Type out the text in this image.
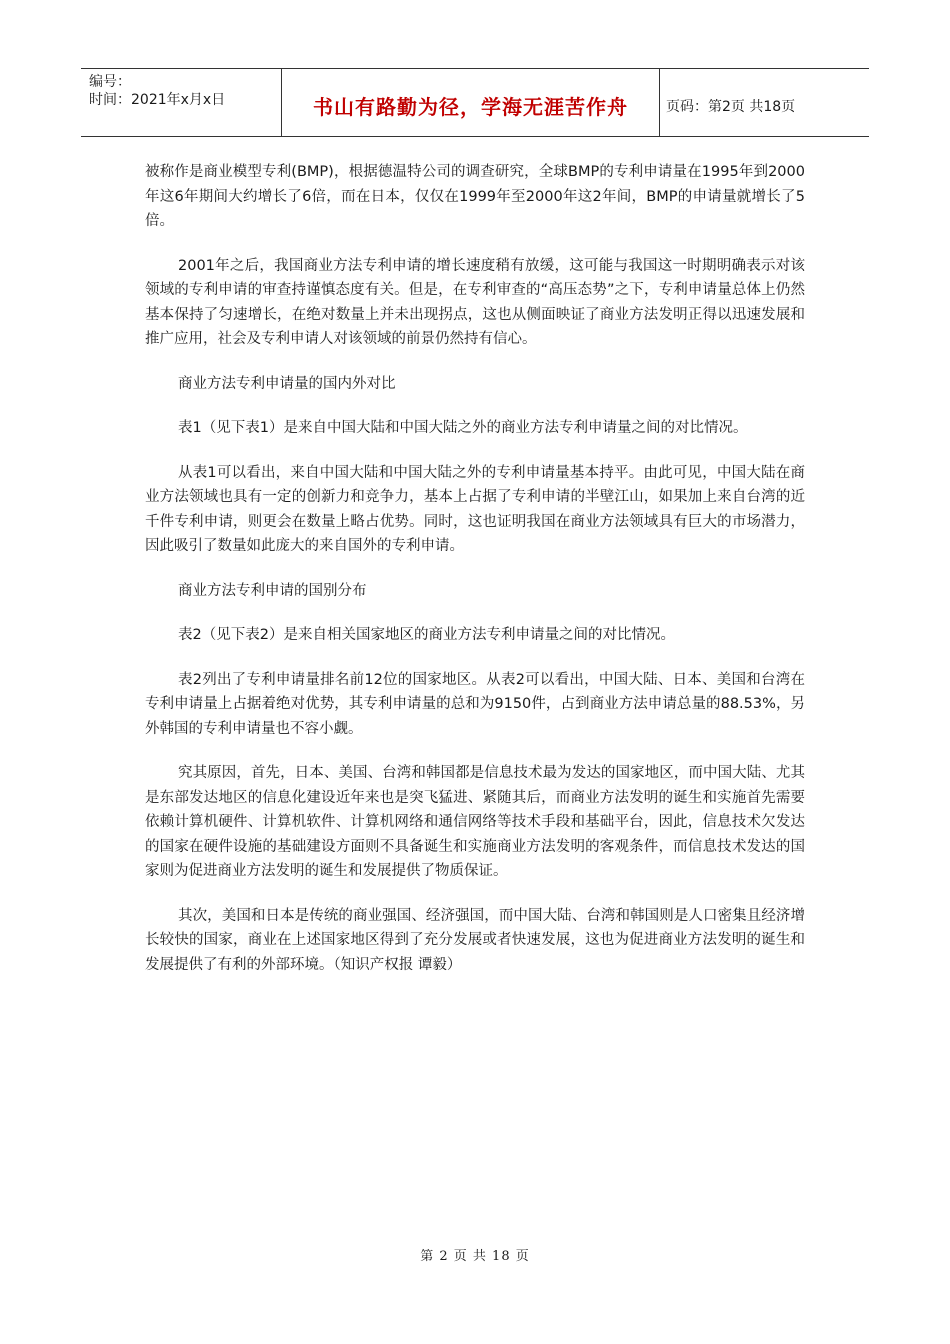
编号：
时间：2021年x月x日	书山有路勤为径，学海无涯苦作舟	页码：第2页 共18页

被称作是商业模型专利(BMP)，根据德温特公司的调查研究，全球BMP的专利申请量在1995年到2000年这6年期间大约增长了6倍，而在日本，仅仅在1999年至2000年这2年间，BMP的申请量就增长了5倍。

2001年之后，我国商业方法专利申请的增长速度稍有放缓，这可能与我国这一时期明确表示对该领域的专利申请的审查持谨慎态度有关。但是，在专利审查的“高压态势”之下，专利申请量总体上仍然基本保持了匀速增长，在绝对数量上并未出现拐点，这也从侧面映证了商业方法发明正得以迅速发展和推广应用，社会及专利申请人对该领域的前景仍然持有信心。

商业方法专利申请量的国内外对比

表1（见下表1）是来自中国大陆和中国大陆之外的商业方法专利申请量之间的对比情况。

从表1可以看出，来自中国大陆和中国大陆之外的专利申请量基本持平。由此可见，中国大陆在商业方法领域也具有一定的创新力和竞争力，基本上占据了专利申请的半壁江山，如果加上来自台湾的近千件专利申请，则更会在数量上略占优势。同时，这也证明我国在商业方法领域具有巨大的市场潜力，因此吸引了数量如此庞大的来自国外的专利申请。

商业方法专利申请的国别分布

表2（见下表2）是来自相关国家地区的商业方法专利申请量之间的对比情况。

表2列出了专利申请量排名前12位的国家地区。从表2可以看出，中国大陆、日本、美国和台湾在专利申请量上占据着绝对优势，其专利申请量的总和为9150件，占到商业方法申请总量的88.53%，另外韩国的专利申请量也不容小觑。

究其原因，首先，日本、美国、台湾和韩国都是信息技术最为发达的国家地区，而中国大陆、尤其是东部发达地区的信息化建设近年来也是突飞猛进、紧随其后，而商业方法发明的诞生和实施首先需要依赖计算机硬件、计算机软件、计算机网络和通信网络等技术手段和基础平台，因此，信息技术欠发达的国家在硬件设施的基础建设方面则不具备诞生和实施商业方法发明的客观条件，而信息技术发达的国家则为促进商业方法发明的诞生和发展提供了物质保证。

其次，美国和日本是传统的商业强国、经济强国，而中国大陆、台湾和韩国则是人口密集且经济增长较快的国家，商业在上述国家地区得到了充分发展或者快速发展，这也为促进商业方法发明的诞生和发展提供了有利的外部环境。（知识产权报 谭毅）

第 2 页 共 18 页
